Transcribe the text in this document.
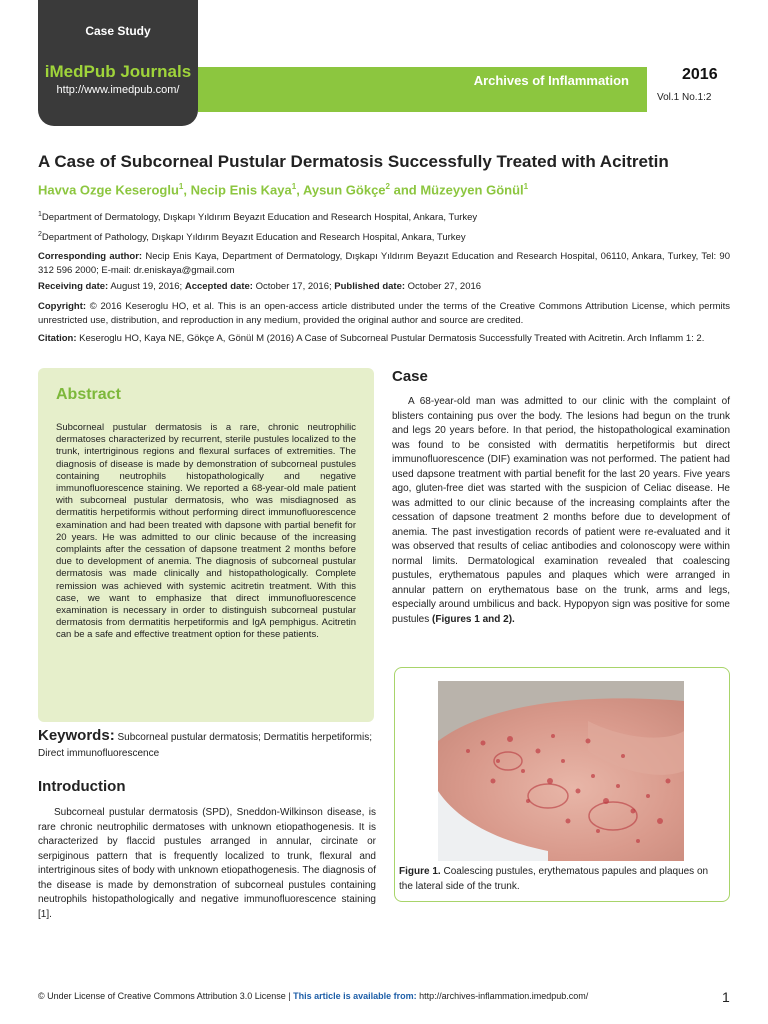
Case Study
iMedPub Journals
http://www.imedpub.com/
Archives of Inflammation	2016
Vol.1 No.1:2
A Case of Subcorneal Pustular Dermatosis Successfully Treated with Acitretin
Havva Ozge Keseroglu$^1$, Necip Enis Kaya$^1$, Aysun Gökçe$^2$ and Müzeyyen Gönül$^1$
$^1$Department of Dermatology, Dışkapı Yıldırım Beyazıt Education and Research Hospital, Ankara, Turkey
$^2$Department of Pathology, Dışkapı Yıldırım Beyazıt Education and Research Hospital, Ankara, Turkey
Corresponding author: Necip Enis Kaya, Department of Dermatology, Dışkapı Yıldırım Beyazıt Education and Research Hospital, 06110, Ankara, Turkey, Tel: 90 312 596 2000; E-mail: dr.eniskaya@gmail.com
Receiving date: August 19, 2016; Accepted date: October 17, 2016; Published date: October 27, 2016
Copyright: © 2016 Keseroglu HO, et al. This is an open-access article distributed under the terms of the Creative Commons Attribution License, which permits unrestricted use, distribution, and reproduction in any medium, provided the original author and source are credited.
Citation: Keseroglu HO, Kaya NE, Gökçe A, Gönül M (2016) A Case of Subcorneal Pustular Dermatosis Successfully Treated with Acitretin. Arch Inflamm 1: 2.
Abstract

Subcorneal pustular dermatosis is a rare, chronic neutrophilic dermatoses characterized by recurrent, sterile pustules localized to the trunk, intertriginous regions and flexural surfaces of extremities. The diagnosis of disease is made by demonstration of subcorneal pustules containing neutrophils histopathologically and negative immunofluorescence staining. We reported a 68-year-old male patient with subcorneal pustular dermatosis, who was misdiagnosed as dermatitis herpetiformis without performing direct immunofluorescence examination and had been treated with dapsone with partial benefit for 20 years. He was admitted to our clinic because of the increasing complaints after the cessation of dapsone treatment 2 months before due to development of anemia. The diagnosis of subcorneal pustular dermatosis was made clinically and histopathologically. Complete remission was achieved with systemic acitretin treatment. With this case, we want to emphasize that direct immunofluorescence examination is necessary in order to distinguish subcorneal pustular dermatosis from dermatitis herpetiformis and IgA pemphigus. Acitretin can be a safe and effective treatment option for these patients.

Keywords: Subcorneal pustular dermatosis; Dermatitis herpetiformis; Direct immunofluorescence
Introduction

Subcorneal pustular dermatosis (SPD), Sneddon-Wilkinson disease, is rare chronic neutrophilic dermatoses with unknown etiopathogenesis. It is characterized by flaccid pustules arranged in annular, circinate or serpiginous pattern that is frequently localized to trunk, flexural and intertriginous sites of body with unknown etiopathogenesis. The diagnosis of the disease is made by demonstration of subcorneal pustules containing neutrophils histopathologically and negative immunofluorescence staining [1].

Case

A 68-year-old man was admitted to our clinic with the complaint of blisters containing pus over the body. The lesions had begun on the trunk and legs 20 years before. In that period, the histopathological examination was found to be consisted with dermatitis herpetiformis but direct immunofluorescence (DIF) examination was not performed. The patient had used dapsone treatment with partial benefit for the last 20 years. Five years ago, gluten-free diet was started with the suspicion of Celiac disease. He was admitted to our clinic because of the increasing complaints after the cessation of dapsone treatment 2 months before due to development of anemia. The past investigation records of patient were re-evaluated and it was observed that results of celiac antibodies and colonoscopy were within normal limits. Dermatological examination revealed that coalescing pustules, erythematous papules and plaques which were arranged in annular pattern on erythematous base on the trunk, arms and legs, especially around umbilicus and back. Hypopyon sign was positive for some pustules (Figures 1 and 2).

Figure 1. Coalescing pustules, erythematous papules and plaques on the lateral side of the trunk.
© Under License of Creative Commons Attribution 3.0 License | This article is available from: http://archives-inflammation.imedpub.com/	1
